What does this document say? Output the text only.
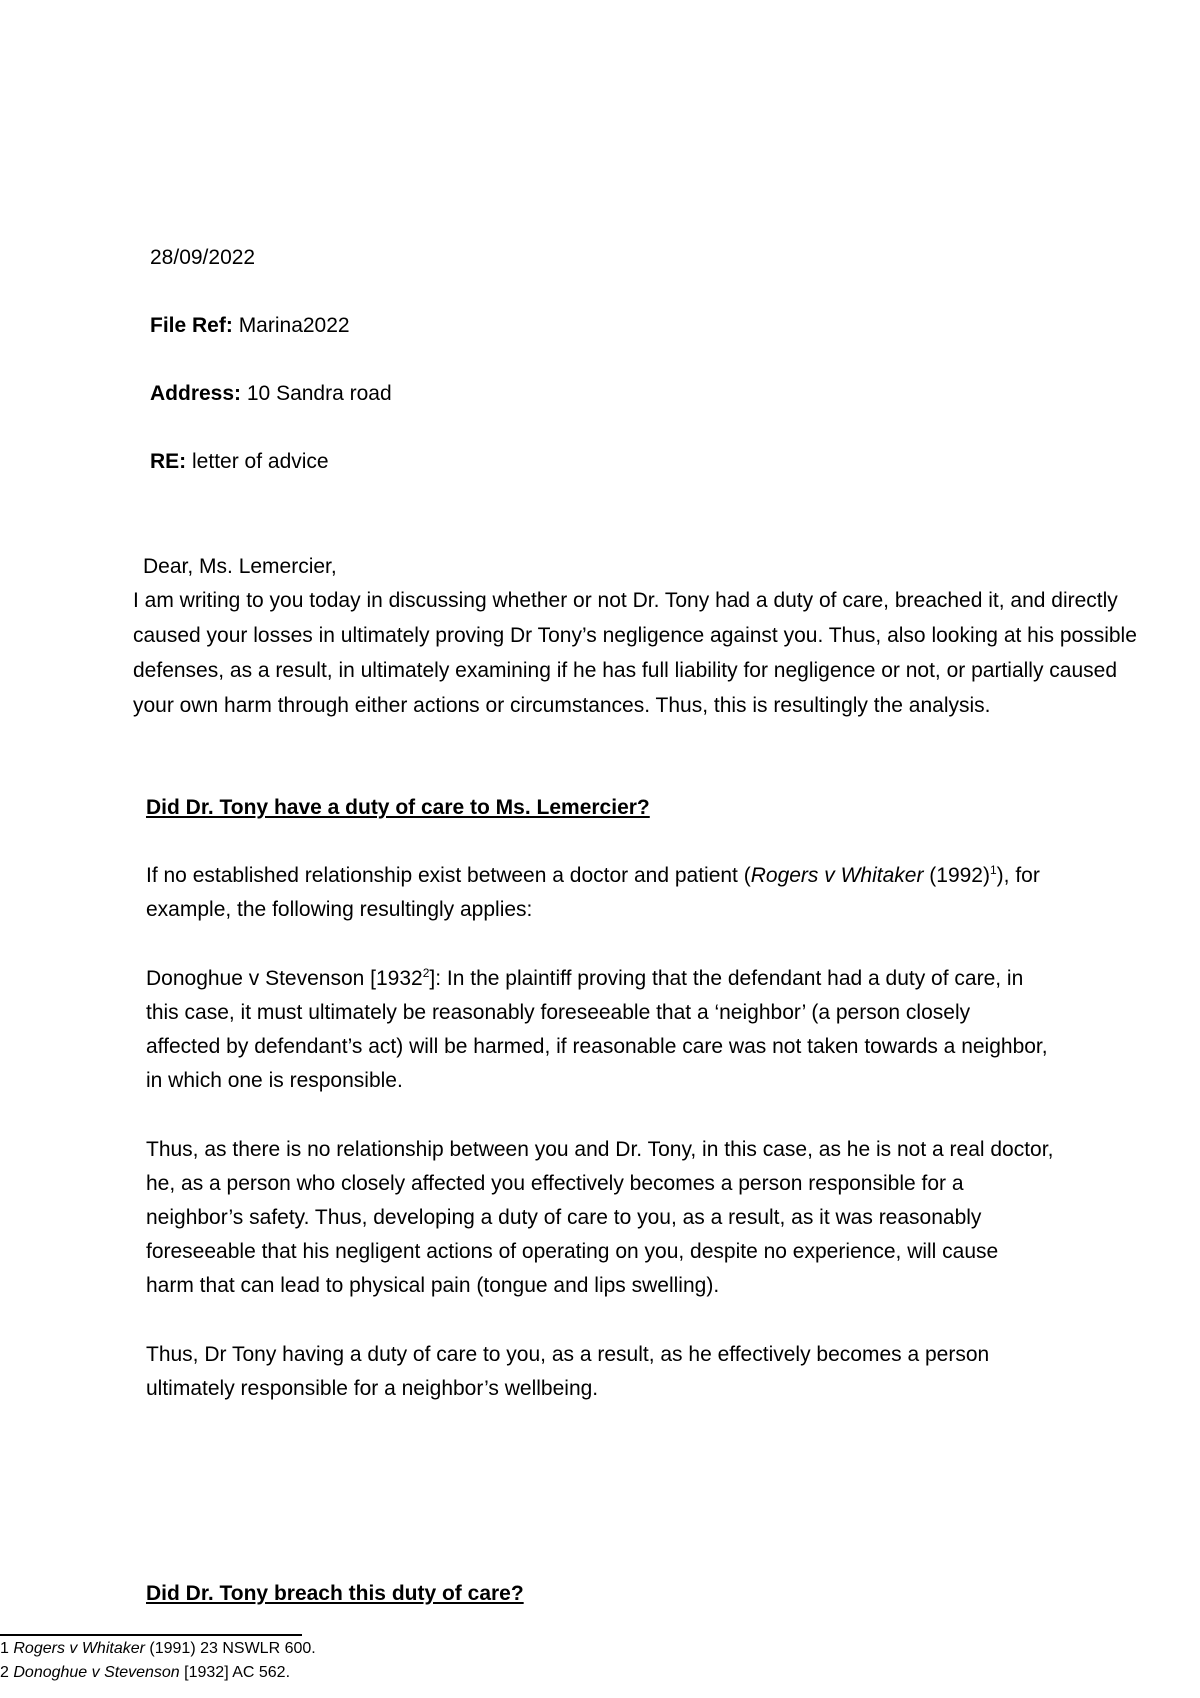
28/09/2022
File Ref: Marina2022
Address: 10 Sandra road
RE: letter of advice
Dear, Ms. Lemercier,
I am writing to you today in discussing whether or not Dr. Tony had a duty of care, breached it, and directly
caused your losses in ultimately proving Dr Tony’s negligence against you. Thus, also looking at his possible
defenses, as a result, in ultimately examining if he has full liability for negligence or not, or partially caused
your own harm through either actions or circumstances. Thus, this is resultingly the analysis.
Did Dr. Tony have a duty of care to Ms. Lemercier?
If no established relationship exist between a doctor and patient (Rogers v Whitaker $(1992)^1$), for
example, the following resultingly applies:
Donoghue v Stevenson [1932$^2$]: In the plaintiff proving that the defendant had a duty of care, in
this case, it must ultimately be reasonably foreseeable that a ‘neighbor’ (a person closely
affected by defendant’s act) will be harmed, if reasonable care was not taken towards a neighbor,
in which one is responsible.
Thus, as there is no relationship between you and Dr. Tony, in this case, as he is not a real doctor,
he, as a person who closely affected you effectively becomes a person responsible for a
neighbor’s safety. Thus, developing a duty of care to you, as a result, as it was reasonably
foreseeable that his negligent actions of operating on you, despite no experience, will cause
harm that can lead to physical pain (tongue and lips swelling).
Thus, Dr Tony having a duty of care to you, as a result, as he effectively becomes a person
ultimately responsible for a neighbor’s wellbeing.
Did Dr. Tony breach this duty of care?
1 Rogers v Whitaker (1991) 23 NSWLR 600.
2 Donoghue v Stevenson [1932] AC 562.
